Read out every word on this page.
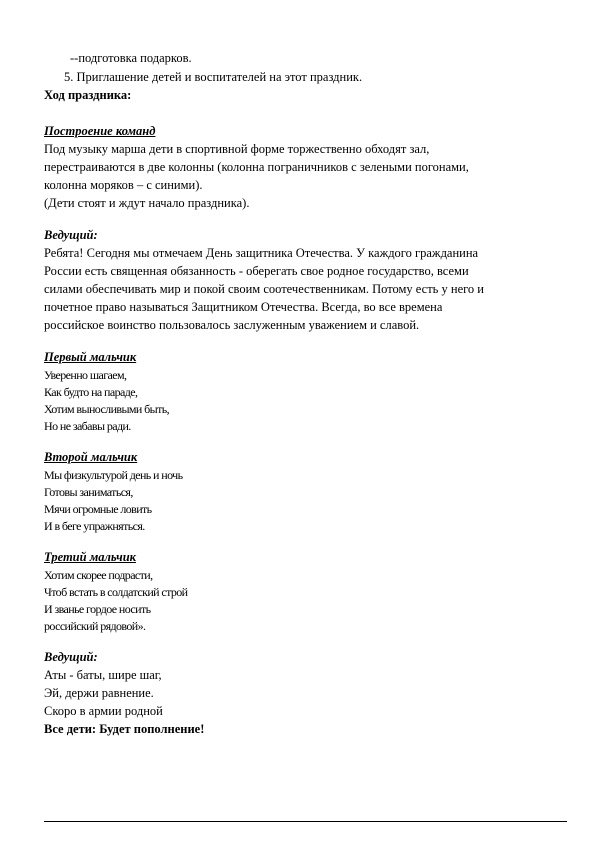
--подготовка подарков.
5. Приглашение детей и воспитателей на этот праздник.
Ход праздника:
Построение команд
Под музыку марша дети в спортивной форме торжественно обходят зал,
перестраиваются в две колонны (колонна пограничников с зелеными погонами,
колонна моряков – с синими).
(Дети стоят и ждут начало праздника).
Ведущий:
Ребята! Сегодня мы отмечаем День защитника Отечества. У каждого гражданина
России есть священная обязанность - оберегать свое родное государство, всеми
силами обеспечивать мир и покой своим соотечественникам. Потому есть у него и
почетное право называться Защитником Отечества. Всегда, во все времена
российское воинство пользовалось заслуженным уважением и славой.
Первый мальчик
Уверенно шагаем,
Как будто на параде,
Хотим выносливыми быть,
Но не забавы ради.
Второй мальчик
Мы физкультурой день и ночь
Готовы заниматься,
Мячи огромные ловить
И в беге упражняться.
Третий мальчик
Хотим скорее подрасти,
Чтоб встать в солдатский строй
И званье гордое носить
российский рядовой».
Ведущий:
Аты - баты, шире шаг,
Эй, держи равнение.
Скоро в армии родной
Все дети: Будет пополнение!
